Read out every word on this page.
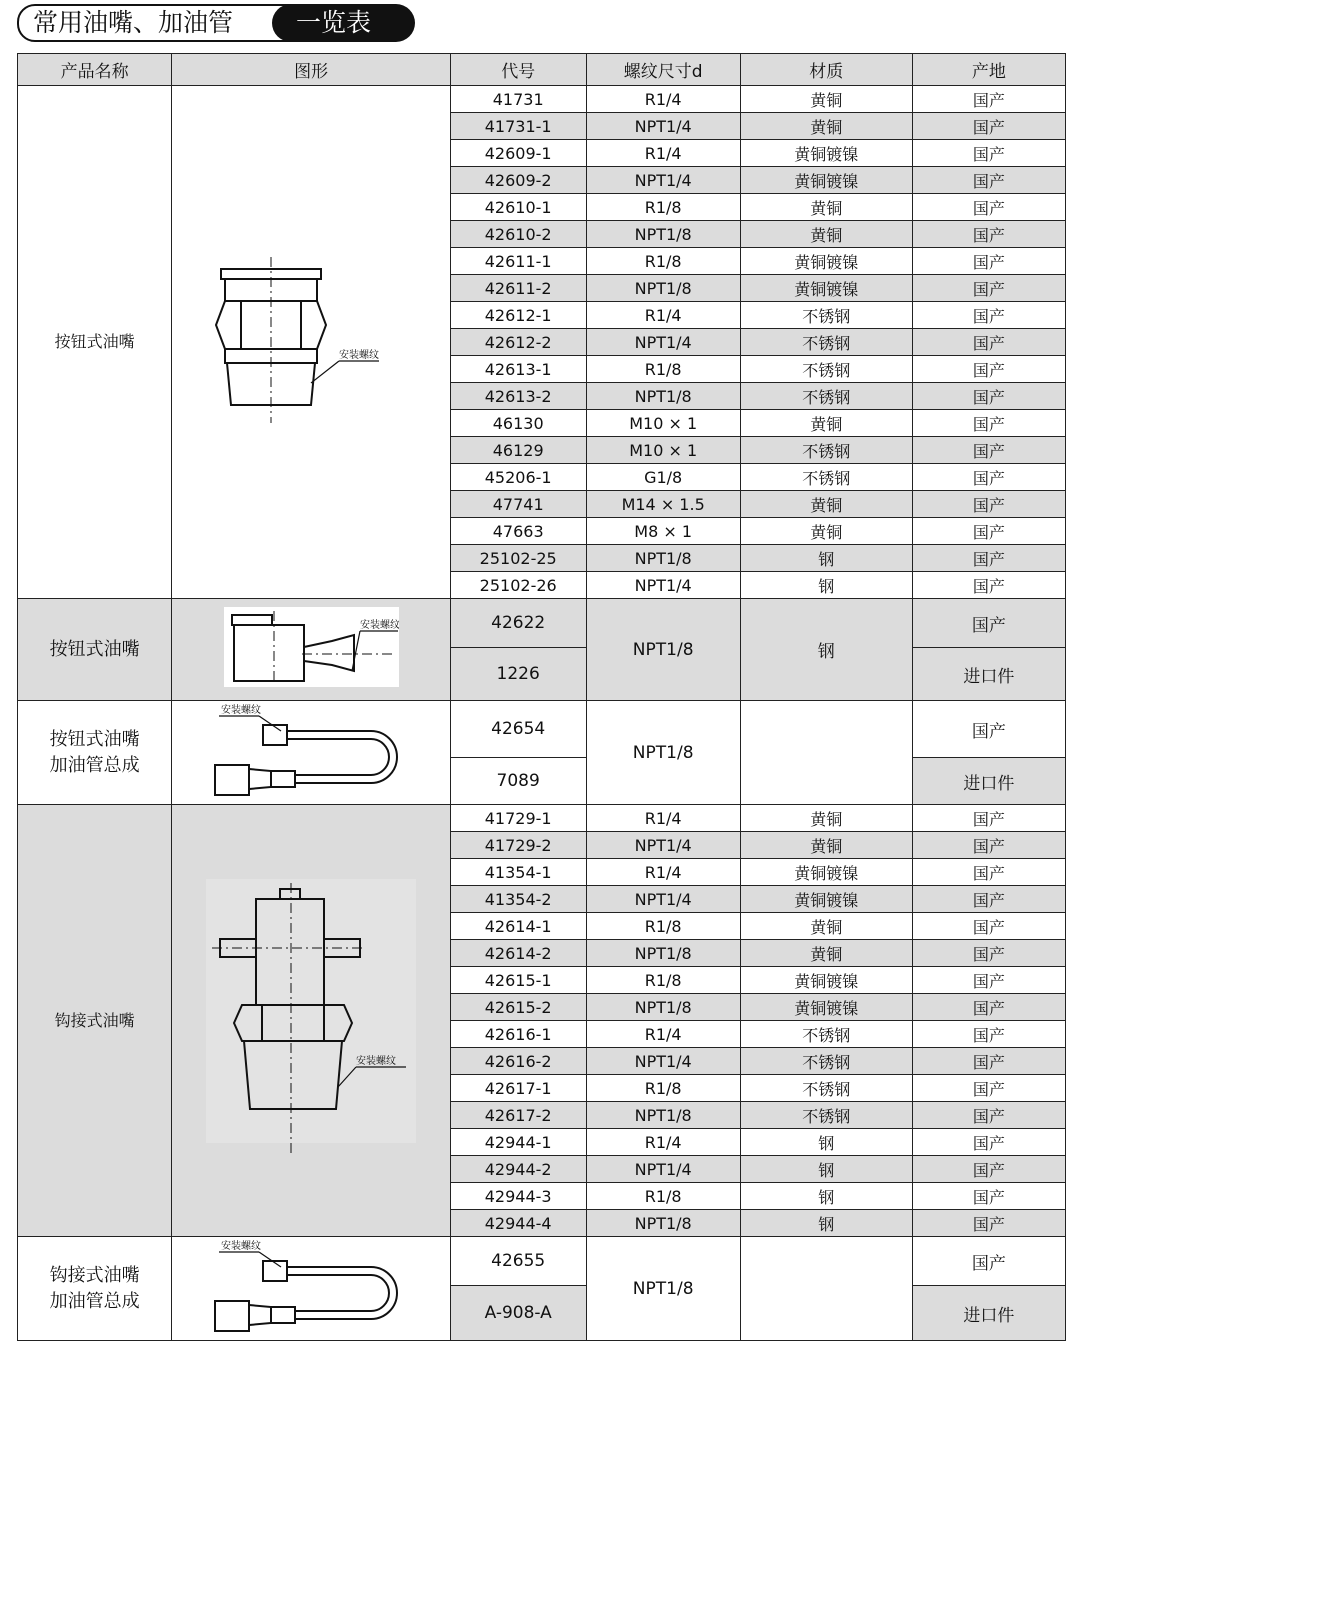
常用油嘴、加油管	一览表
产品名称	图形	代号	螺纹尺寸d	材质	产地
按钮式油嘴	安装螺纹	41731	R1/4	黄铜	国产
		41731-1	NPT1/4	黄铜	国产
		42609-1	R1/4	黄铜镀镍	国产
		42609-2	NPT1/4	黄铜镀镍	国产
		42610-1	R1/8	黄铜	国产
		42610-2	NPT1/8	黄铜	国产
		42611-1	R1/8	黄铜镀镍	国产
		42611-2	NPT1/8	黄铜镀镍	国产
		42612-1	R1/4	不锈钢	国产
		42612-2	NPT1/4	不锈钢	国产
		42613-1	R1/8	不锈钢	国产
		42613-2	NPT1/8	不锈钢	国产
		46130	M10 × 1	黄铜	国产
		46129	M10 × 1	不锈钢	国产
		45206-1	G1/8	不锈钢	国产
		47741	M14 × 1.5	黄铜	国产
		47663	M8 × 1	黄铜	国产
		25102-25	NPT1/8	钢	国产
		25102-26	NPT1/4	钢	国产
按钮式油嘴	安装螺纹	42622	NPT1/8	钢	国产
		1226			进口件

按钮式油嘴
加油管总成	安装螺纹	42654	NPT1/8		国产
		7089			进口件
钩接式油嘴	安装螺纹	41729-1	R1/4	黄铜	国产
		41729-2	NPT1/4	黄铜	国产
		41354-1	R1/4	黄铜镀镍	国产
		41354-2	NPT1/4	黄铜镀镍	国产
		42614-1	R1/8	黄铜	国产
		42614-2	NPT1/8	黄铜	国产
		42615-1	R1/8	黄铜镀镍	国产
		42615-2	NPT1/8	黄铜镀镍	国产
		42616-1	R1/4	不锈钢	国产
		42616-2	NPT1/4	不锈钢	国产
		42617-1	R1/8	不锈钢	国产
		42617-2	NPT1/8	不锈钢	国产
		42944-1	R1/4	钢	国产
		42944-2	NPT1/4	钢	国产
		42944-3	R1/8	钢	国产
		42944-4	NPT1/8	钢	国产

钩接式油嘴
加油管总成	安装螺纹	42655	NPT1/8		国产
		A-908-A			进口件
